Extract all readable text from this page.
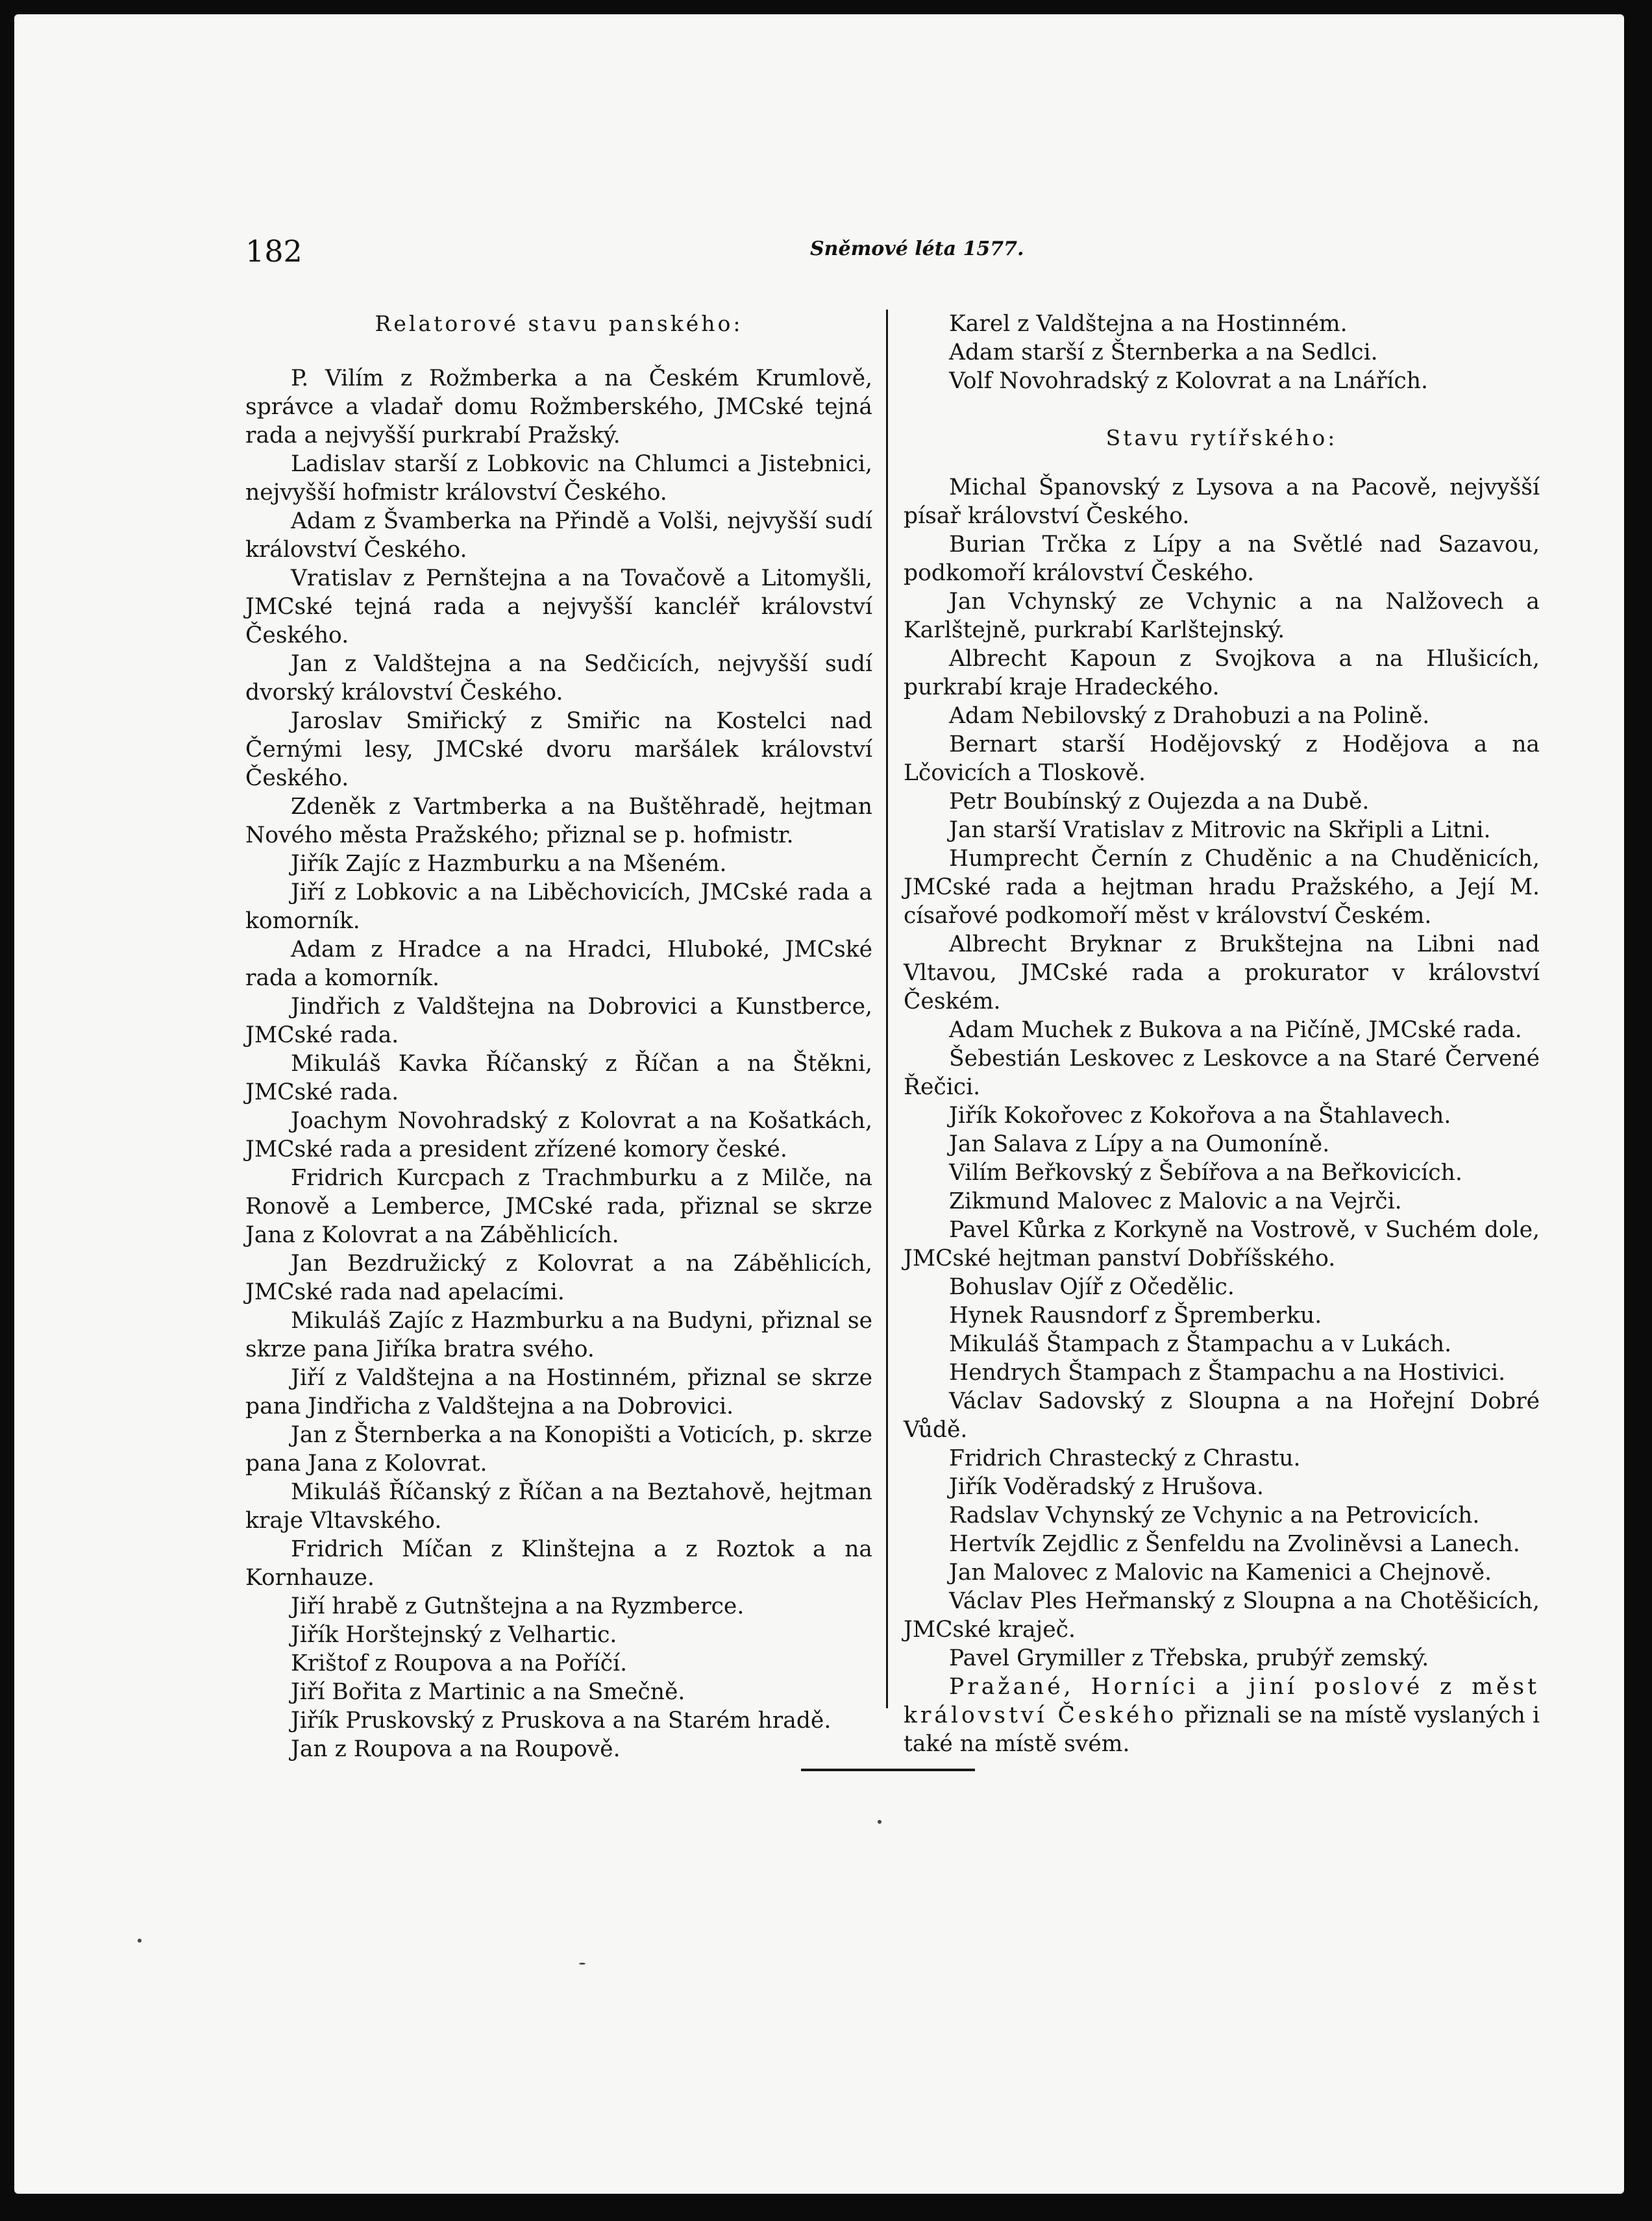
182	Sněmové léta 1577.

Relatorové stavu panského:

P. Vilím z Rožmberka a na Českém Krumlově, správce a vladař domu Rožmberského, JMCské tejná rada a nejvyšší purkrabí Pražský.

Ladislav starší z Lobkovic na Chlumci a Jistebnici, nejvyšší hofmistr království Českého.

Adam z Švamberka na Přindě a Volši, nejvyšší sudí království Českého.

Vratislav z Pernštejna a na Tovačově a Litomyšli, JMCské tejná rada a nejvyšší kancléř království Českého.

Jan z Valdštejna a na Sedčicích, nejvyšší sudí dvorský království Českého.

Jaroslav Smiřický z Smiřic na Kostelci nad Černými lesy, JMCské dvoru maršálek království Českého.

Zdeněk z Vartmberka a na Buštěhradě, hejtman Nového města Pražského; přiznal se p. hofmistr.

Jiřík Zajíc z Hazmburku a na Mšeném.

Jiří z Lobkovic a na Liběchovicích, JMCské rada a komorník.

Adam z Hradce a na Hradci, Hluboké, JMCské rada a komorník.

Jindřich z Valdštejna na Dobrovici a Kunstberce, JMCské rada.

Mikuláš Kavka Říčanský z Říčan a na Štěkni, JMCské rada.

Joachym Novohradský z Kolovrat a na Košatkách, JMCské rada a president zřízené komory české.

Fridrich Kurcpach z Trachmburku a z Milče, na Ronově a Lemberce, JMCské rada, přiznal se skrze Jana z Kolovrat a na Záběhlicích.

Jan Bezdružický z Kolovrat a na Záběhlicích, JMCské rada nad apelacími.

Mikuláš Zajíc z Hazmburku a na Budyni, přiznal se skrze pana Jiříka bratra svého.

Jiří z Valdštejna a na Hostinném, přiznal se skrze pana Jindřicha z Valdštejna a na Dobrovici.

Jan z Šternberka a na Konopišti a Voticích, p. skrze pana Jana z Kolovrat.

Mikuláš Říčanský z Říčan a na Beztahově, hejtman kraje Vltavského.

Fridrich Míčan z Klinštejna a z Roztok a na Kornhauze.

Jiří hrabě z Gutnštejna a na Ryzmberce.

Jiřík Horštejnský z Velhartic.

Krištof z Roupova a na Poříčí.

Jiří Bořita z Martinic a na Smečně.

Jiřík Pruskovský z Pruskova a na Starém hradě.

Jan z Roupova a na Roupově.

Karel z Valdštejna a na Hostinném.

Adam starší z Šternberka a na Sedlci.

Volf Novohradský z Kolovrat a na Lnářích.

Stavu rytířského:

Michal Španovský z Lysova a na Pacově, nejvyšší písař království Českého.

Burian Trčka z Lípy a na Světlé nad Sazavou, podkomoří království Českého.

Jan Vchynský ze Vchynic a na Nalžovech a Karlštejně, purkrabí Karlštejnský.

Albrecht Kapoun z Svojkova a na Hlušicích, purkrabí kraje Hradeckého.

Adam Nebilovský z Drahobuzi a na Polině.

Bernart starší Hodějovský z Hodějova a na Lčovicích a Tloskově.

Petr Boubínský z Oujezda a na Dubě.

Jan starší Vratislav z Mitrovic na Skřipli a Litni.

Humprecht Černín z Chuděnic a na Chuděnicích, JMCské rada a hejtman hradu Pražského, a Její M. císařové podkomoří měst v království Českém.

Albrecht Bryknar z Brukštejna na Libni nad Vltavou, JMCské rada a prokurator v království Českém.

Adam Muchek z Bukova a na Pičíně, JMCské rada.

Šebestián Leskovec z Leskovce a na Staré Červené Řečici.

Jiřík Kokořovec z Kokořova a na Štahlavech.

Jan Salava z Lípy a na Oumoníně.

Vilím Beřkovský z Šebířova a na Beřkovicích.

Zikmund Malovec z Malovic a na Vejrči.

Pavel Kůrka z Korkyně na Vostrově, v Suchém dole, JMCské hejtman panství Dobříšského.

Bohuslav Ojíř z Očedělic.

Hynek Rausndorf z Špremberku.

Mikuláš Štampach z Štampachu a v Lukách.

Hendrych Štampach z Štampachu a na Hostivici.

Václav Sadovský z Sloupna a na Hořejní Dobré Vůdě.

Fridrich Chrastecký z Chrastu.

Jiřík Voděradský z Hrušova.

Radslav Vchynský ze Vchynic a na Petrovicích.

Hertvík Zejdlic z Šenfeldu na Zvoliněvsi a Lanech.

Jan Malovec z Malovic na Kamenici a Chejnově.

Václav Ples Heřmanský z Sloupna a na Chotěšicích, JMCské kraječ.

Pavel Grymiller z Třebska, prubýř zemský.

Pražané, Horníci a jiní poslové z měst království Českého přiznali se na místě vyslaných i také na místě svém.
